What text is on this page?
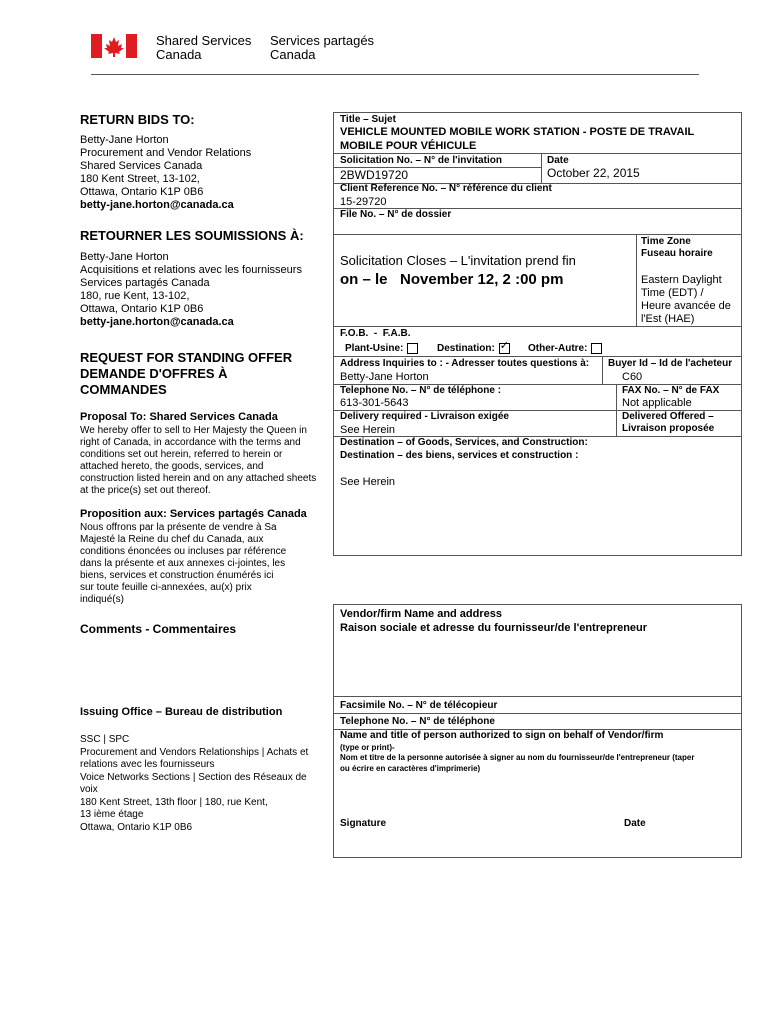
Shared Services
Canada
Services partagés
Canada
RETURN BIDS TO:
Betty-Jane Horton
Procurement and Vendor Relations
Shared Services Canada
180 Kent Street, 13-102,
Ottawa, Ontario K1P 0B6
betty-jane.horton@canada.ca
RETOURNER LES SOUMISSIONS À:
Betty-Jane Horton
Acquisitions et relations avec les fournisseurs
Services partagés Canada
180, rue Kent, 13-102,
Ottawa, Ontario K1P 0B6
betty-jane.horton@canada.ca
REQUEST FOR STANDING OFFER
DEMANDE D'OFFRES À
COMMANDES
Proposal To: Shared Services Canada
We hereby offer to sell to Her Majesty the Queen in
right of Canada, in accordance with the terms and
conditions set out herein, referred to herein or
attached hereto, the goods, services, and
construction listed herein and on any attached sheets
at the price(s) set out thereof.
Proposition aux: Services partagés Canada
Nous offrons par la présente de vendre à Sa
Majesté la Reine du chef du Canada, aux
conditions énoncées ou incluses par référence
dans la présente et aux annexes ci-jointes, les
biens, services et construction énumérés ici
sur toute feuille ci-annexées, au(x) prix
indiqué(s)
Comments - Commentaires
Issuing Office – Bureau de distribution
SSC | SPC
Procurement and Vendors Relationships | Achats et
relations avec les fournisseurs
Voice Networks Sections | Section des Réseaux de
voix
180 Kent Street, 13th floor | 180, rue Kent,
13 ième étage
Ottawa, Ontario K1P 0B6
Title – Sujet
VEHICLE MOUNTED MOBILE WORK STATION - POSTE DE TRAVAIL
MOBILE POUR VÉHICULE
Solicitation No. – N° de l'invitation	Date
2BWD19720	October 22, 2015
Client Reference No. – N° référence du client
15-29720
File No. – N° de dossier
Solicitation Closes – L'invitation prend fin
on – le   November 12, 2 :00 pm
Time Zone
Fuseau horaire
Eastern Daylight
Time (EDT) /
Heure avancée de
l'Est (HAE)
F.O.B.  -  F.A.B.
Plant-Usine:	Destination:✓	Other-Autre:
Address Inquiries to : - Adresser toutes questions à:
Betty-Jane Horton
Buyer Id – Id de l'acheteur
C60
Telephone No. – N° de téléphone :
613-301-5643
FAX No. – N° de FAX
Not applicable
Delivery required - Livraison exigée
See Herein
Delivered Offered –
Livraison proposée
Destination – of Goods, Services, and Construction:
Destination – des biens, services et construction :
See Herein
Vendor/firm Name and address
Raison sociale et adresse du fournisseur/de l'entrepreneur
Facsimile No. – N° de télécopieur
Telephone No. – N° de téléphone
Name and title of person authorized to sign on behalf of Vendor/firm
(type or print)-
Nom et titre de la personne autorisée à signer au nom du fournisseur/de l'entrepreneur (taper
ou écrire en caractères d'imprimerie)
Signature	Date
